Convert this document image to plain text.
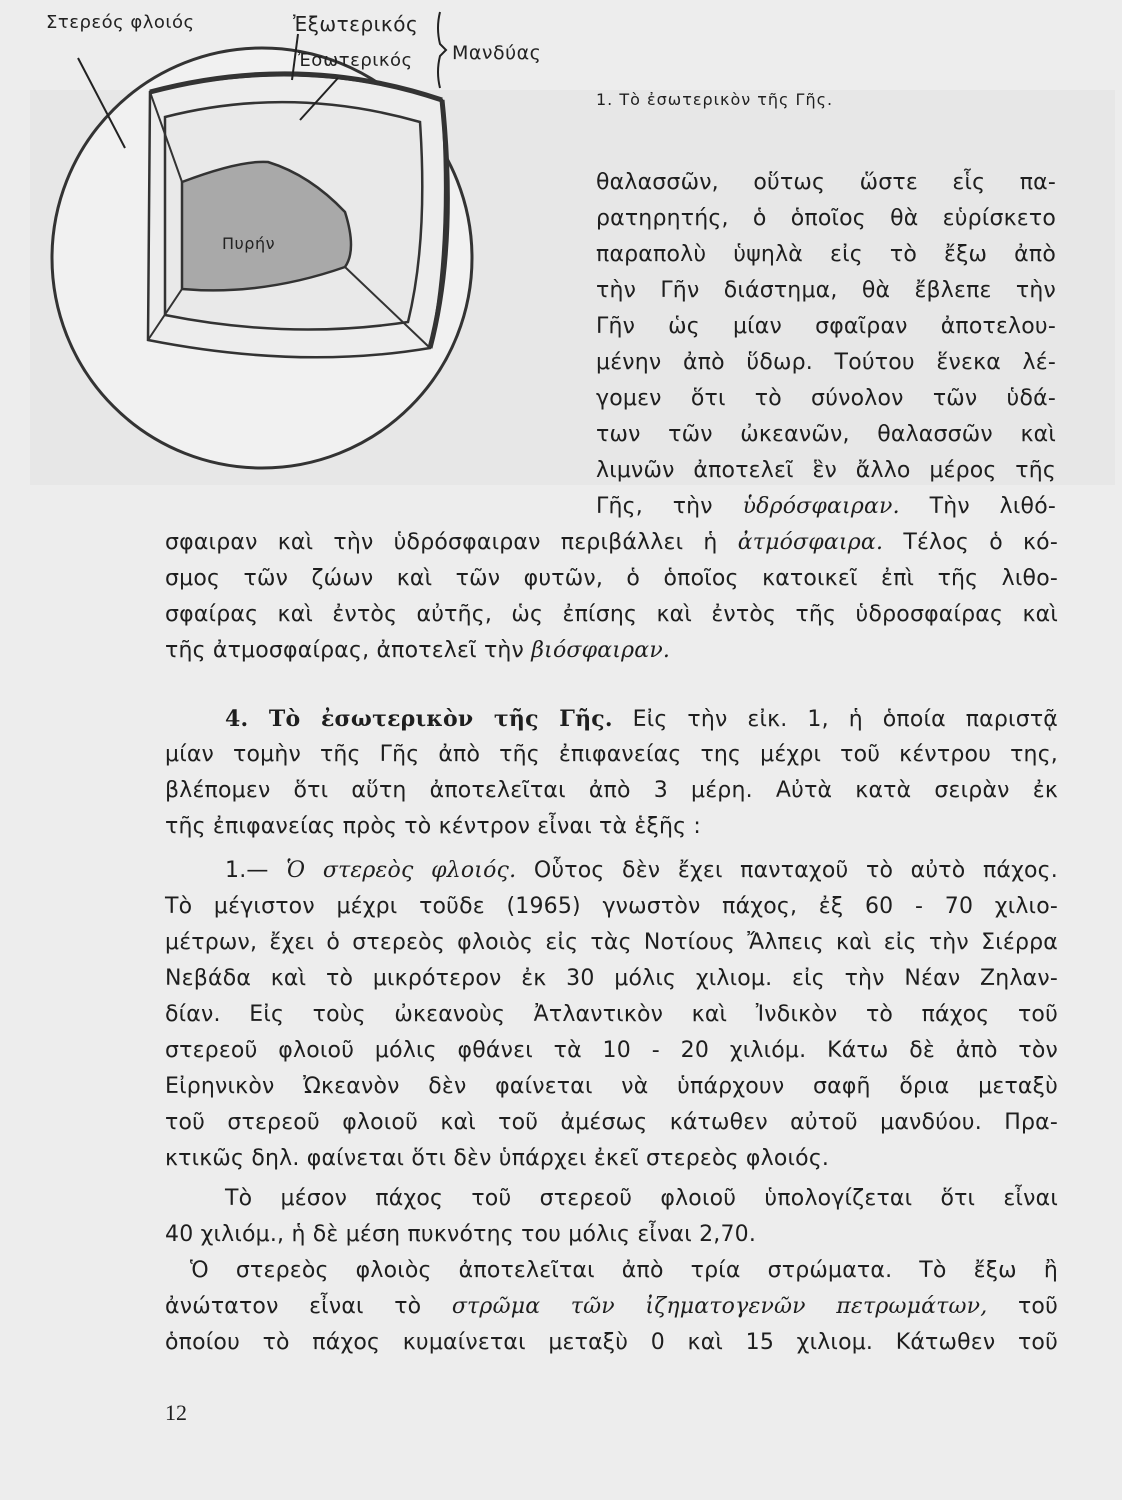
Στερεός φλοιός	Ἐξωτερικός
Ἐσωτερικός Μανδύας
Πυρήν
1. Τὸ ἐσωτερικὸν τῆς Γῆς.
θαλασσῶν, οὕτως ὥστε εἷς πα-
ρατηρητής, ὁ ὁποῖος θὰ εὑρίσκετο
παραπολὺ ὑψηλὰ εἰς τὸ ἔξω ἀπὸ
τὴν Γῆν διάστημα, θὰ ἔβλεπε τὴν
Γῆν ὡς μίαν σφαῖραν ἀποτελου-
μένην ἀπὸ ὕδωρ. Τούτου ἕνεκα λέ-
γομεν ὅτι τὸ σύνολον τῶν ὑδά-
των τῶν ὠκεανῶν, θαλασσῶν καὶ
λιμνῶν ἀποτελεῖ ἓν ἄλλο μέρος τῆς
Γῆς, τὴν ὑδρόσφαιραν. Τὴν λιθό-
σφαιραν καὶ τὴν ὑδρόσφαιραν περιβάλλει ἡ ἀτμόσφαιρα. Τέλος ὁ κό-
σμος τῶν ζώων καὶ τῶν φυτῶν, ὁ ὁποῖος κατοικεῖ ἐπὶ τῆς λιθο-
σφαίρας καὶ ἐντὸς αὐτῆς, ὡς ἐπίσης καὶ ἐντὸς τῆς ὑδροσφαίρας καὶ
τῆς ἀτμοσφαίρας, ἀποτελεῖ τὴν βιόσφαιραν.
4. Τὸ ἐσωτερικὸν τῆς Γῆς. Εἰς τὴν εἰκ. 1, ἡ ὁποία παριστᾷ
μίαν τομὴν τῆς Γῆς ἀπὸ τῆς ἐπιφανείας της μέχρι τοῦ κέντρου της,
βλέπομεν ὅτι αὕτη ἀποτελεῖται ἀπὸ 3 μέρη. Αὐτὰ κατὰ σειρὰν ἐκ
τῆς ἐπιφανείας πρὸς τὸ κέντρον εἶναι τὰ ἑξῆς :
1.— Ὁ στερεὸς φλοιός. Οὗτος δὲν ἔχει πανταχοῦ τὸ αὐτὸ πάχος.
Τὸ μέγιστον μέχρι τοῦδε (1965) γνωστὸν πάχος, ἐξ 60 - 70 χιλιο-
μέτρων, ἔχει ὁ στερεὸς φλοιὸς εἰς τὰς Νοτίους Ἄλπεις καὶ εἰς τὴν Σιέρρα
Νεβάδα καὶ τὸ μικρότερον ἐκ 30 μόλις χιλιομ. εἰς τὴν Νέαν Ζηλαν-
δίαν. Εἰς τοὺς ὠκεανοὺς Ἀτλαντικὸν καὶ Ἰνδικὸν τὸ πάχος τοῦ
στερεοῦ φλοιοῦ μόλις φθάνει τὰ 10 - 20 χιλιόμ. Κάτω δὲ ἀπὸ τὸν
Εἰρηνικὸν Ὠκεανὸν δὲν φαίνεται νὰ ὑπάρχουν σαφῆ ὅρια μεταξὺ
τοῦ στερεοῦ φλοιοῦ καὶ τοῦ ἀμέσως κάτωθεν αὐτοῦ μανδύου. Πρα-
κτικῶς δηλ. φαίνεται ὅτι δὲν ὑπάρχει ἐκεῖ στερεὸς φλοιός.
Τὸ μέσον πάχος τοῦ στερεοῦ φλοιοῦ ὑπολογίζεται ὅτι εἶναι
40 χιλιόμ., ἡ δὲ μέση πυκνότης του μόλις εἶναι 2,70.
Ὁ στερεὸς φλοιὸς ἀποτελεῖται ἀπὸ τρία στρώματα. Τὸ ἔξω ἢ
ἀνώτατον εἶναι τὸ στρῶμα τῶν ἰζηματογενῶν πετρωμάτων, τοῦ
ὁποίου τὸ πάχος κυμαίνεται μεταξὺ 0 καὶ 15 χιλιομ. Κάτωθεν τοῦ
12
